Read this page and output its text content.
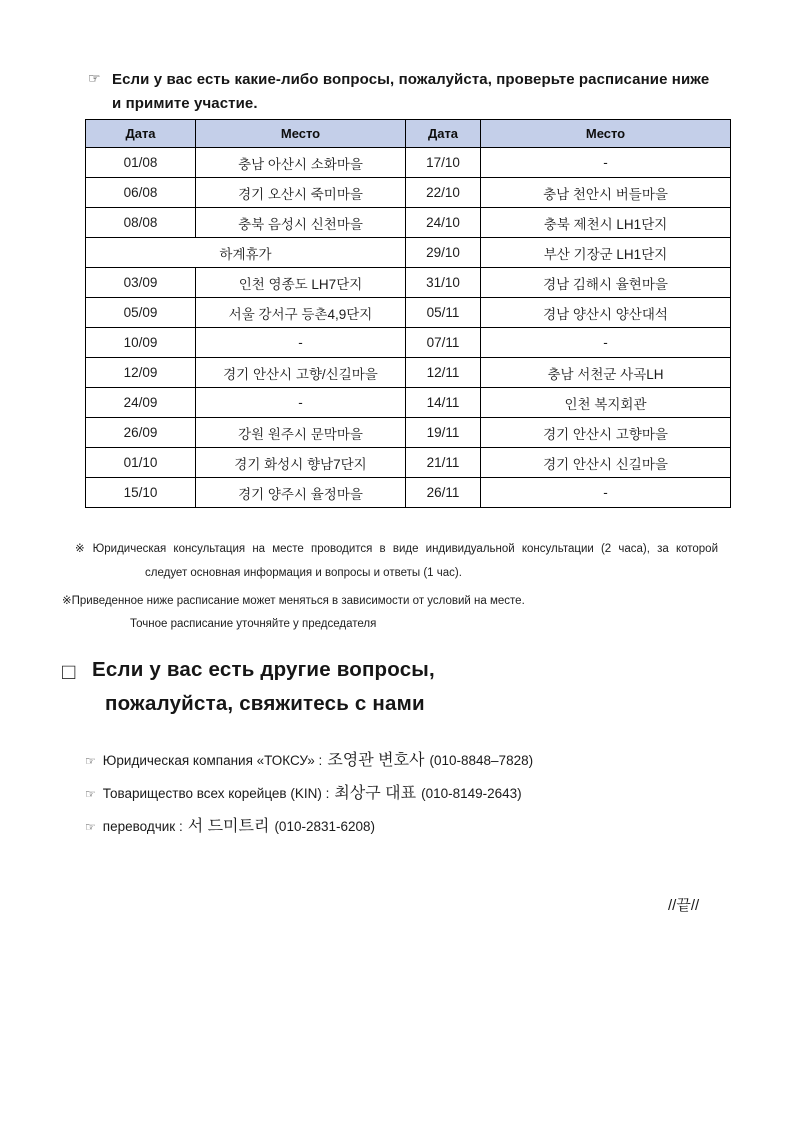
☞ Если у вас есть какие-либо вопросы, пожалуйста, проверьте расписание ниже
и примите участие.
Дата	Место	Дата	Место
01/08	충남 아산시 소화마을	17/10	-
06/08	경기 오산시 죽미마을	22/10	충남 천안시 버들마을
08/08	충북 음성시 신천마을	24/10	충북 제천시 LH1단지
하계휴가		29/10	부산 기장군 LH1단지
03/09	인천 영종도 LH7단지	31/10	경남 김해시 율현마을
05/09	서울 강서구 등촌4,9단지	05/11	경남 양산시 양산대석
10/09	-	07/11	-
12/09	경기 안산시 고향/신길마을	12/11	충남 서천군 사곡LH
24/09	-	14/11	인천 복지회관
26/09	강원 원주시 문막마을	19/11	경기 안산시 고향마을
01/10	경기 화성시 향남7단지	21/11	경기 안산시 신길마을
15/10	경기 양주시 율정마을	26/11	-
※ Юридическая консультация на месте проводится в виде индивидуальной консультации (2 часа), за которой
следует основная информация и вопросы и ответы (1 час).
※Приведенное ниже расписание может меняться в зависимости от условий на месте.
Точное расписание уточняйте у председателя
□ Если у вас есть другие вопросы,
пожалуйста, свяжитесь с нами
☞ Юридическая компания «ТОКСУ» : 조영관 변호사 (010-8848–7828)
☞ Товарищество всех корейцев (KIN) : 최상구 대표 (010-8149-2643)
☞ переводчик : 서 드미트리 (010-2831-6208)
//끝//
